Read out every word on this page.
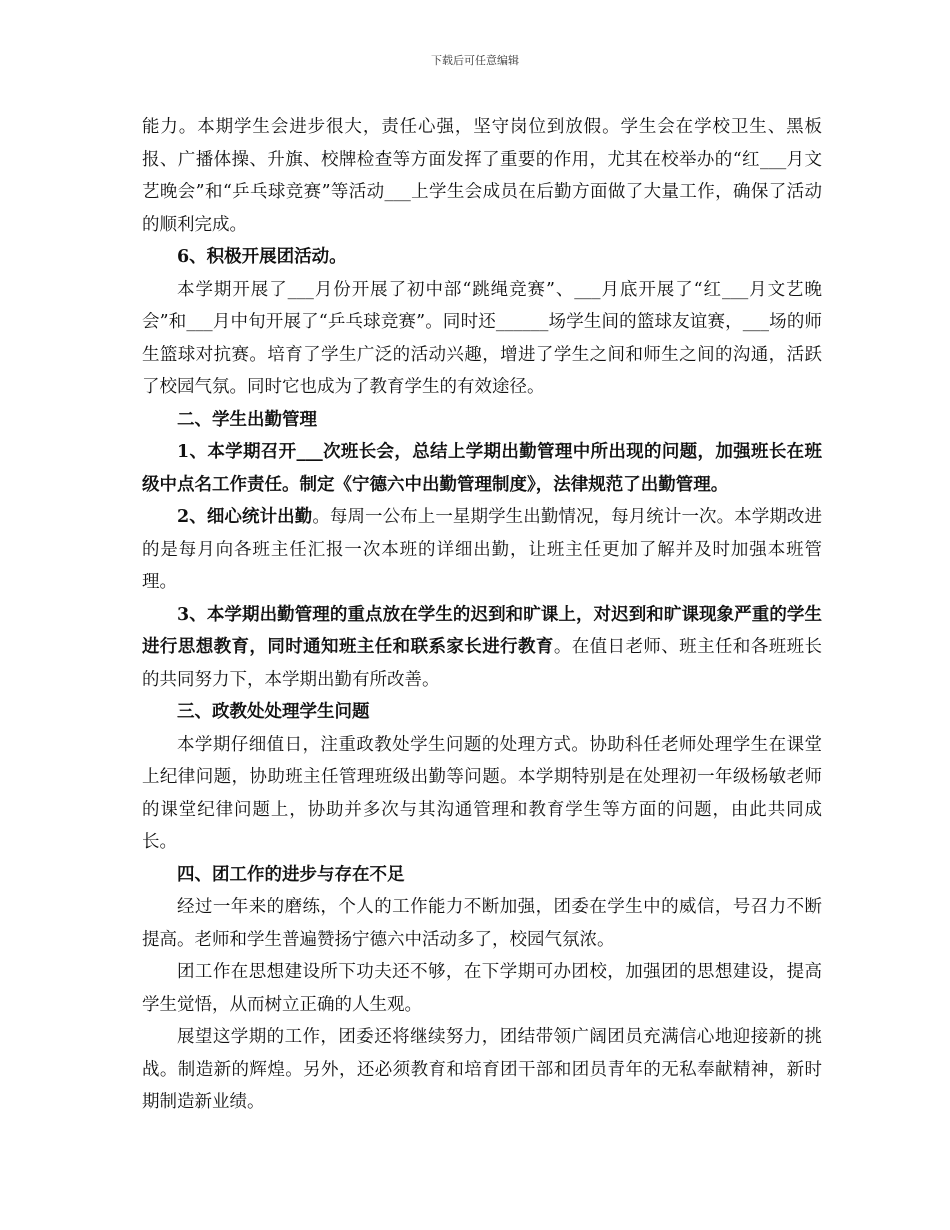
下载后可任意编辑

能力。本期学生会进步很大，责任心强，坚守岗位到放假。学生会在学校卫生、黑板报、广播体操、升旗、校牌检查等方面发挥了重要的作用，尤其在校举办的“红___月文艺晚会”和“乒乓球竞赛”等活动___上学生会成员在后勤方面做了大量工作，确保了活动的顺利完成。

6、积极开展团活动。

本学期开展了___月份开展了初中部“跳绳竞赛”、___月底开展了“红___月文艺晚会”和___月中旬开展了“乒乓球竞赛”。同时还______场学生间的篮球友谊赛，___场的师生篮球对抗赛。培育了学生广泛的活动兴趣，增进了学生之间和师生之间的沟通，活跃了校园气氛。同时它也成为了教育学生的有效途径。

二、学生出勤管理

1、本学期召开___次班长会，总结上学期出勤管理中所出现的问题，加强班长在班级中点名工作责任。制定《宁德六中出勤管理制度》，法律规范了出勤管理。

2、细心统计出勤。每周一公布上一星期学生出勤情况，每月统计一次。本学期改进的是每月向各班主任汇报一次本班的详细出勤，让班主任更加了解并及时加强本班管理。

3、本学期出勤管理的重点放在学生的迟到和旷课上，对迟到和旷课现象严重的学生进行思想教育，同时通知班主任和联系家长进行教育。在值日老师、班主任和各班班长的共同努力下，本学期出勤有所改善。

三、政教处处理学生问题

本学期仔细值日，注重政教处学生问题的处理方式。协助科任老师处理学生在课堂上纪律问题，协助班主任管理班级出勤等问题。本学期特别是在处理初一年级杨敏老师的课堂纪律问题上，协助并多次与其沟通管理和教育学生等方面的问题，由此共同成长。

四、团工作的进步与存在不足

经过一年来的磨练，个人的工作能力不断加强，团委在学生中的威信，号召力不断提高。老师和学生普遍赞扬宁德六中活动多了，校园气氛浓。

团工作在思想建设所下功夫还不够，在下学期可办团校，加强团的思想建设，提高学生觉悟，从而树立正确的人生观。

展望这学期的工作，团委还将继续努力，团结带领广阔团员充满信心地迎接新的挑战。制造新的辉煌。另外，还必须教育和培育团干部和团员青年的无私奉献精神，新时期制造新业绩。
